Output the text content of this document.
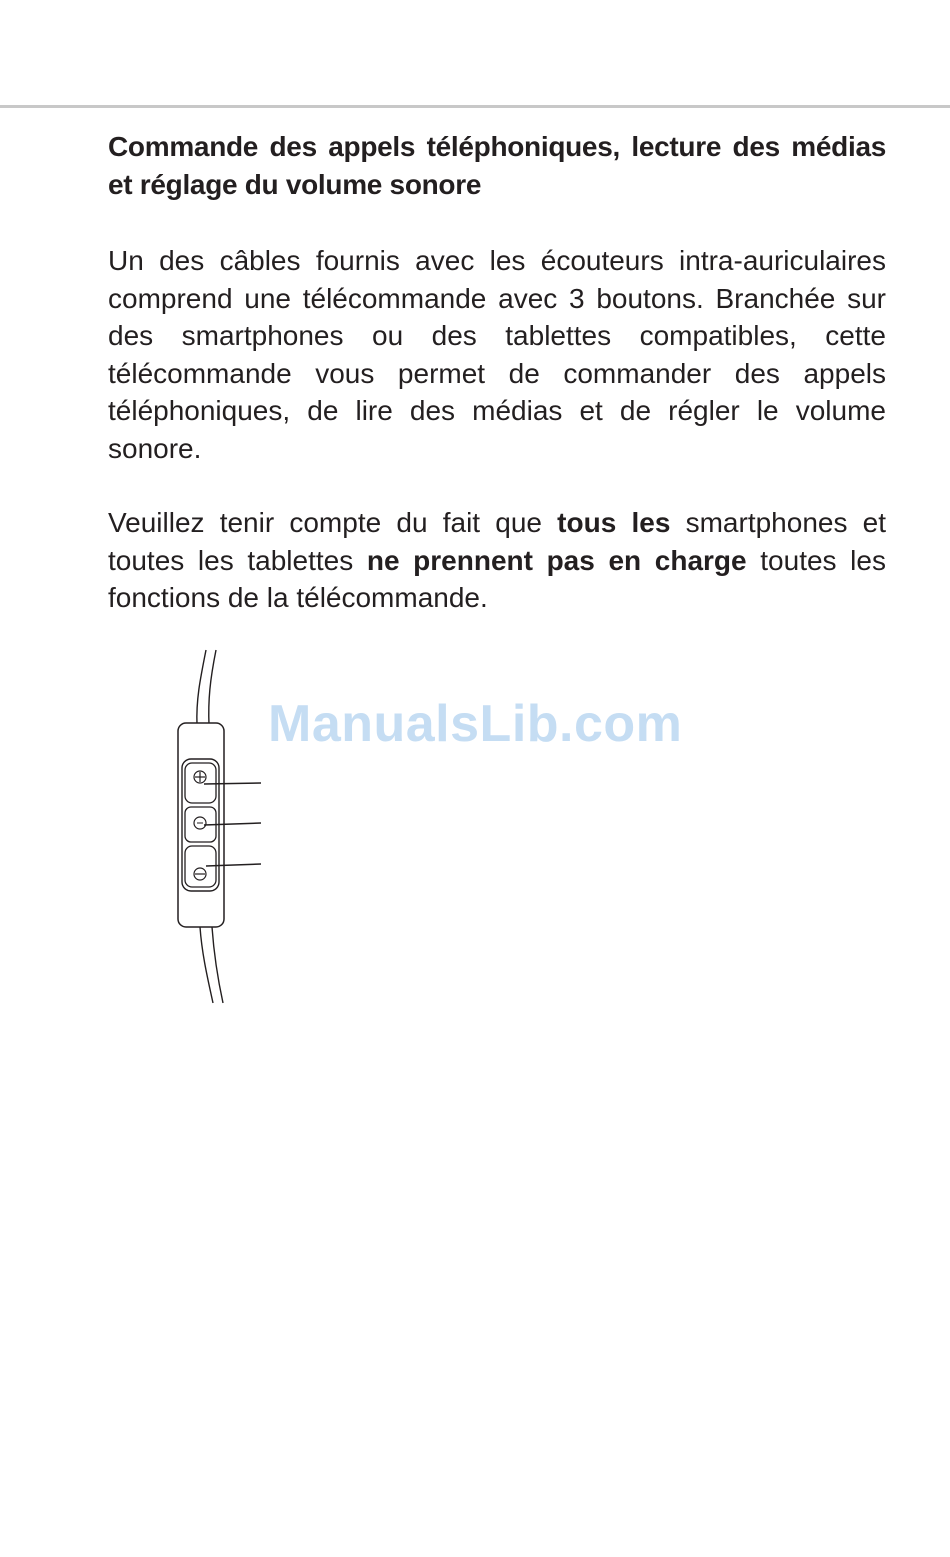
Commande des appels téléphoniques, lecture des médias et réglage du volume sonore

Un des câbles fournis avec les écouteurs intra-auriculaires comprend une télécommande avec 3 boutons. Branchée sur des smartphones ou des tablettes compatibles, cette télécommande vous permet de commander des appels téléphoniques, de lire des médias et de régler le volume sonore.

Veuillez tenir compte du fait que tous les smartphones et toutes les tablettes ne prennent pas en charge toutes les fonctions de la télécommande.

ManualsLib.com
